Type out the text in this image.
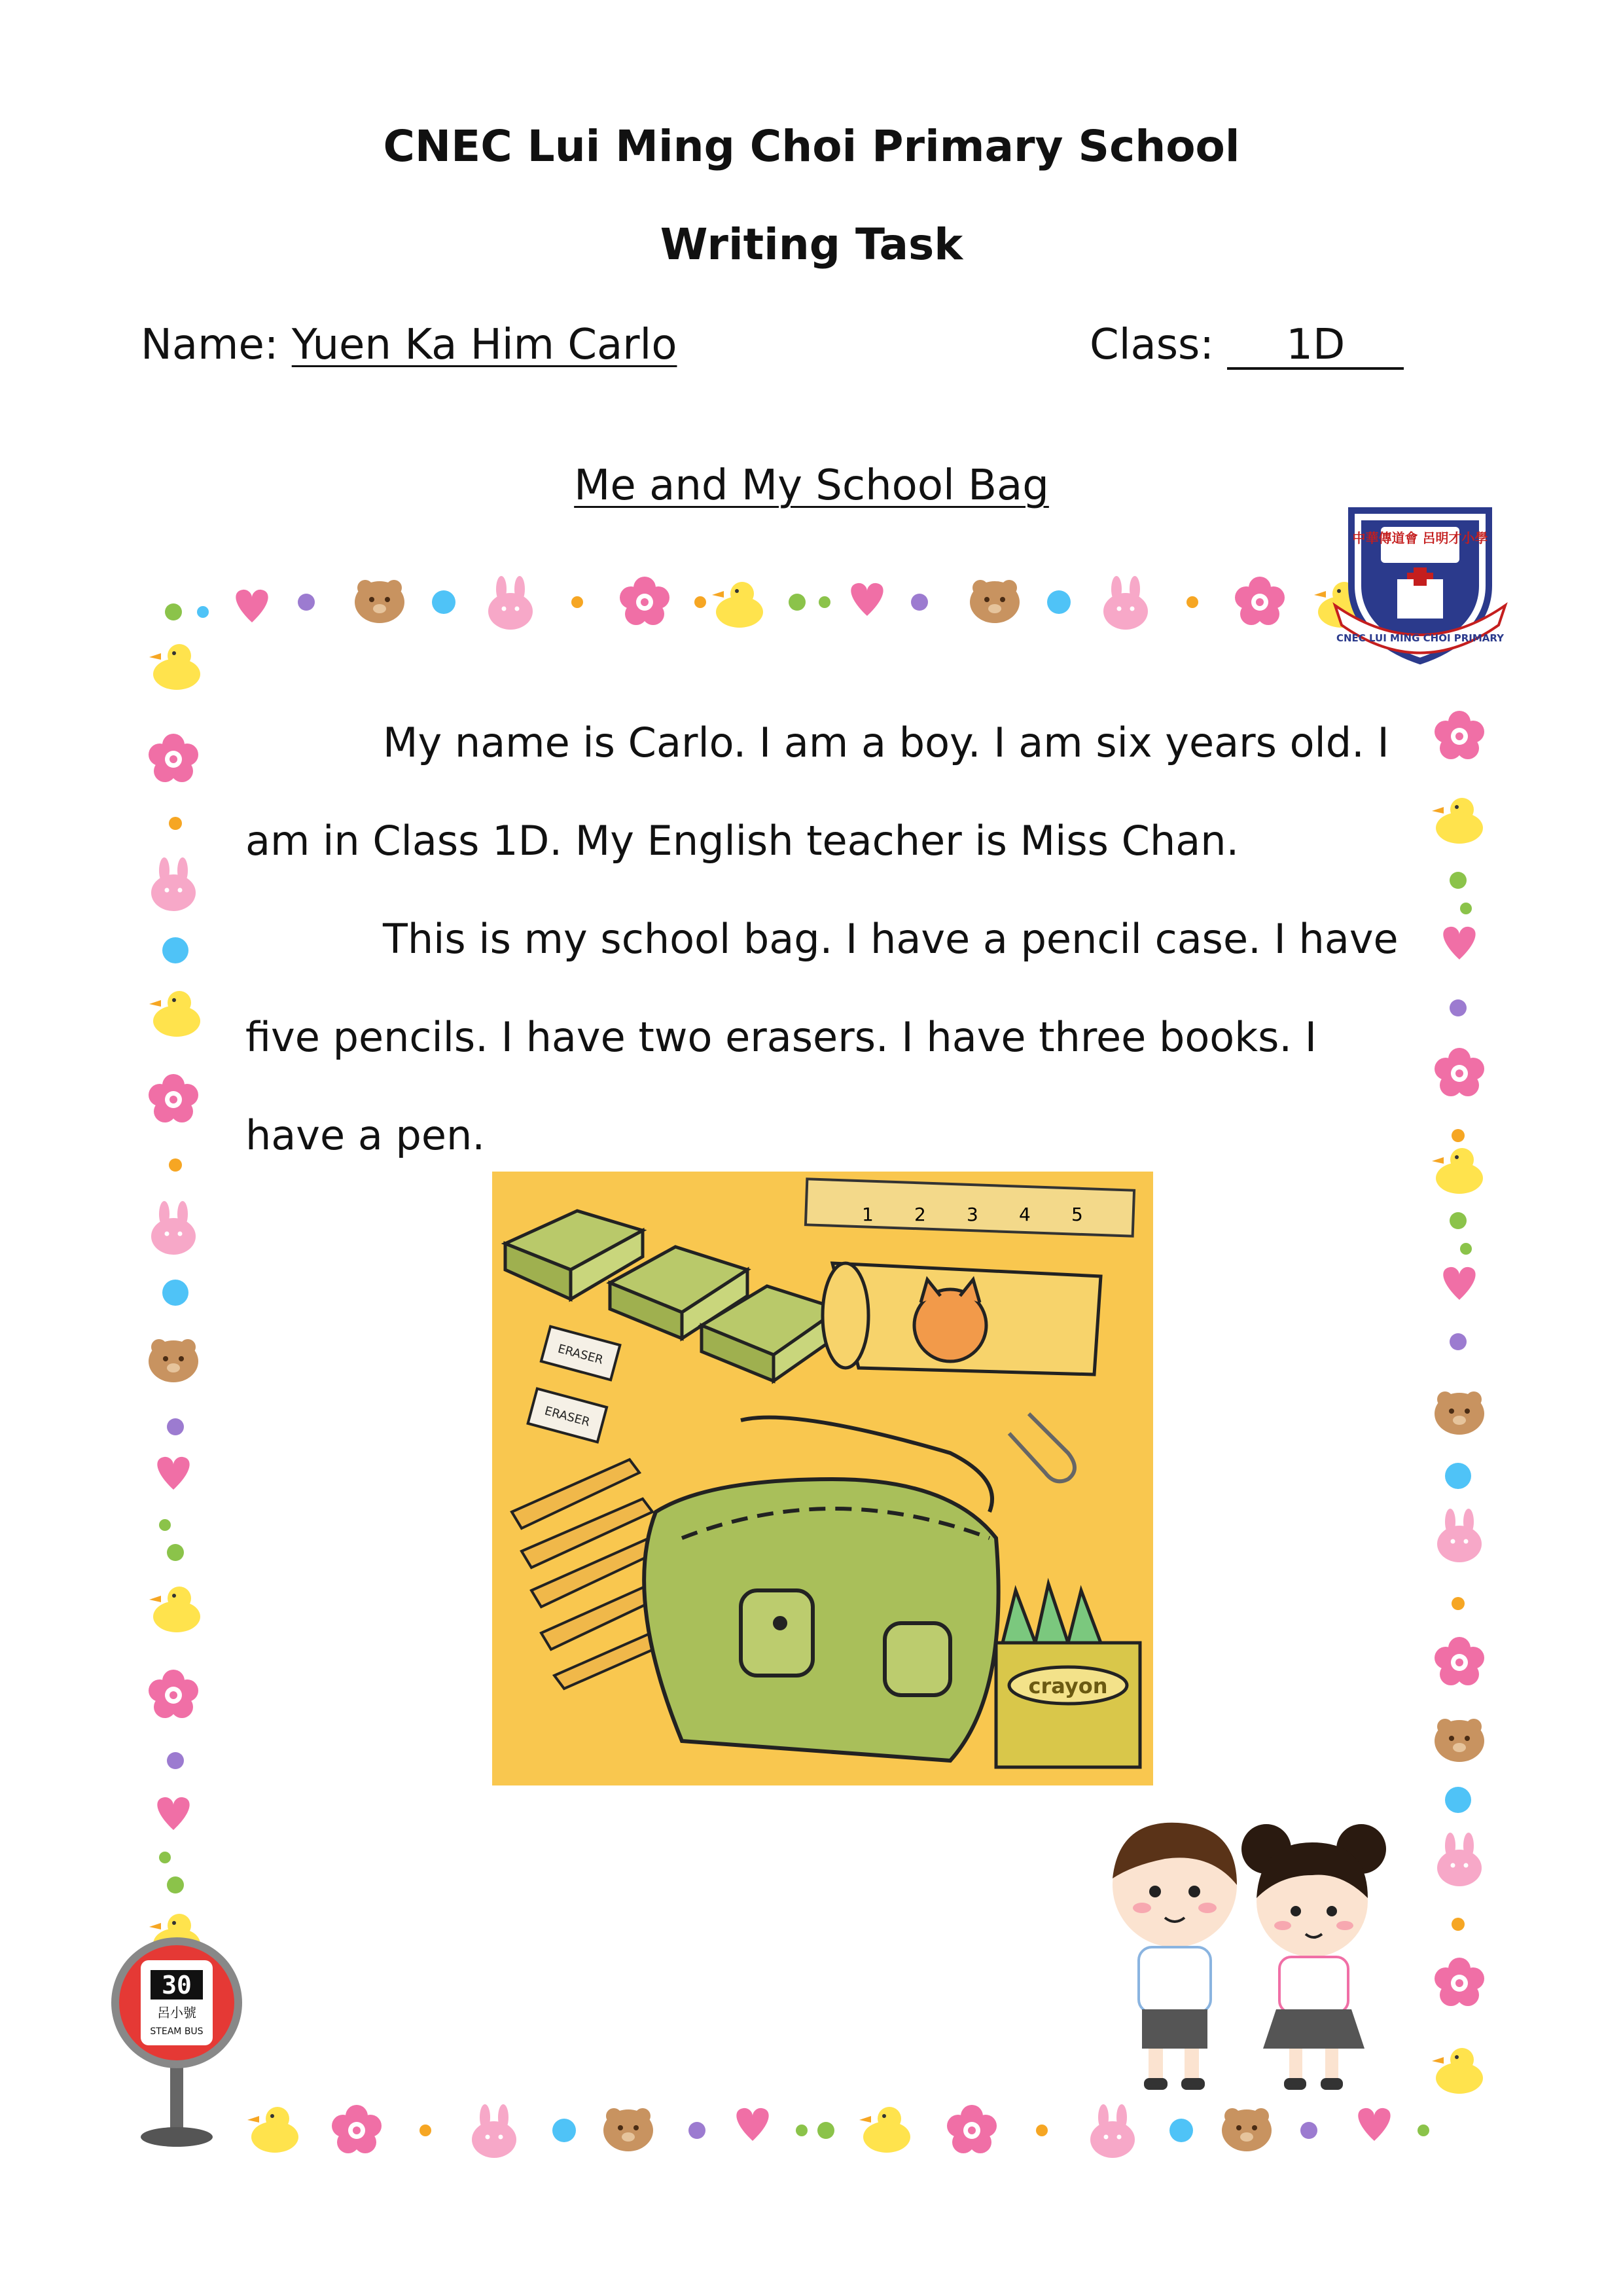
CNEC Lui Ming Choi Primary School
Writing Task
Name: Yuen Ka Him Carlo	Class: 1D
Me and My School Bag

My name is Carlo. I am a boy. I am six years old. I am in Class 1D. My English teacher is Miss Chan.

This is my school bag. I have a pencil case. I have five pencils. I have two erasers. I have three books. I have a pen.

中華傳道會 呂明才小學
CNEC LUI MING CHOI PRIMARY
1 2 3 4 5
ERASER
ERASER
crayon
30
呂小號
STEAM BUS
